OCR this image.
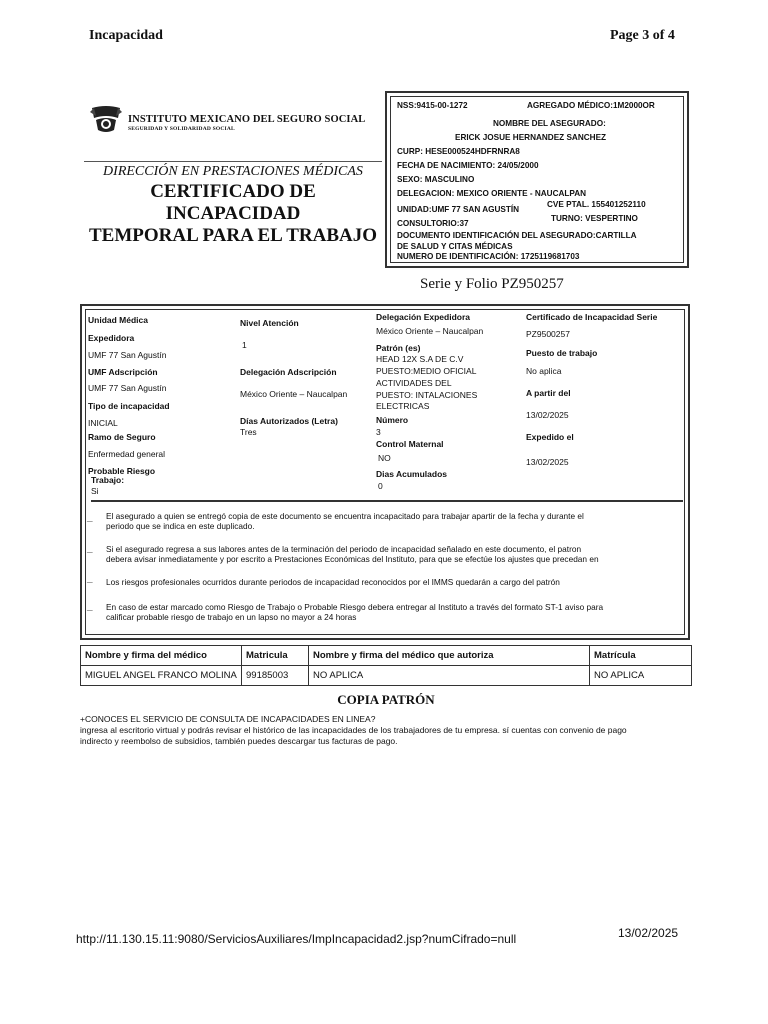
Incapacidad	Page 3 of 4
INSTITUTO MEXICANO DEL SEGURO SOCIAL
SEGURIDAD Y SOLIDARIDAD SOCIAL
DIRECCIÓN EN PRESTACIONES MÉDICAS
CERTIFICADO DE INCAPACIDAD
TEMPORAL PARA EL TRABAJO
NSS:9415-00-1272	AGREGADO MÉDICO:1M2000OR
NOMBRE DEL ASEGURADO:
ERICK JOSUE HERNANDEZ SANCHEZ
CURP: HESE000524HDFRNRA8
FECHA DE NACIMIENTO: 24/05/2000
SEXO: MASCULINO
DELEGACION: MEXICO ORIENTE - NAUCALPAN
UNIDAD:UMF 77 SAN AGUSTÍN
CVE PTAL. 155401252110
CONSULTORIO:37
TURNO: VESPERTINO
DOCUMENTO IDENTIFICACIÓN DEL ASEGURADO:CARTILLA
DE SALUD Y CITAS MÉDICAS
NUMERO DE IDENTIFICACIÓN: 1725119681703
Serie y Folio PZ950257
Unidad Médica
Expedidora
UMF 77 San Agustín
UMF Adscripción
UMF 77 San Agustín
Tipo de incapacidad
INICIAL
Ramo de Seguro
Enfermedad general
Probable Riesgo
Trabajo:
Si
Nivel Atención
1
Delegación Adscripción
México Oriente – Naucalpan
Días Autorizados (Letra)
Tres
Delegación Expedidora
México Oriente – Naucalpan
Patrón (es)
HEAD 12X S.A DE C.V
PUESTO:MEDIO OFICIAL
ACTIVIDADES DEL
PUESTO: INTALACIONES
ELECTRICAS
Número
3
Control Maternal
NO
Dias Acumulados
0
Certificado de Incapacidad Serie
PZ9500257
Puesto de trabajo
No aplica
A partir del
13/02/2025
Expedido el
13/02/2025
_ El asegurado a quien se entregó copia de este documento se encuentra incapacitado para trabajar apartir de la fecha y durante el
periodo que se indica en este duplicado.
_ Si el asegurado regresa a sus labores antes de la terminación del periodo de incapacidad señalado en este documento, el patron
debera avisar inmediatamente y por escrito a Prestaciones Económicas del Instituto, para que se efectúe los ajustes que precedan en
_ Los riesgos profesionales ocurridos durante periodos de incapacidad reconocidos por el IMMS quedarán a cargo del patrón
_ En caso de estar marcado como Riesgo de Trabajo o Probable Riesgo debera entregar al Instituto a través del formato ST-1 aviso para
calificar probable riesgo de trabajo en un lapso no mayor a 24 horas
Nombre y firma del médico	Matricula	Nombre y firma del médico que autoriza	Matrícula
MIGUEL ANGEL FRANCO MOLINA	99185003	NO APLICA	NO APLICA
COPIA PATRÓN
+CONOCES EL SERVICIO DE CONSULTA DE INCAPACIDADES EN LINEA?
ingresa al escritorio virtual y podrás revisar el histórico de las incapacidades de los trabajadores de tu empresa. sí cuentas con convenio de pago
indirecto y reembolso de subsidios, también puedes descargar tus facturas de pago.
http://11.130.15.11:9080/ServiciosAuxiliares/ImpIncapacidad2.jsp?numCifrado=null	13/02/2025
